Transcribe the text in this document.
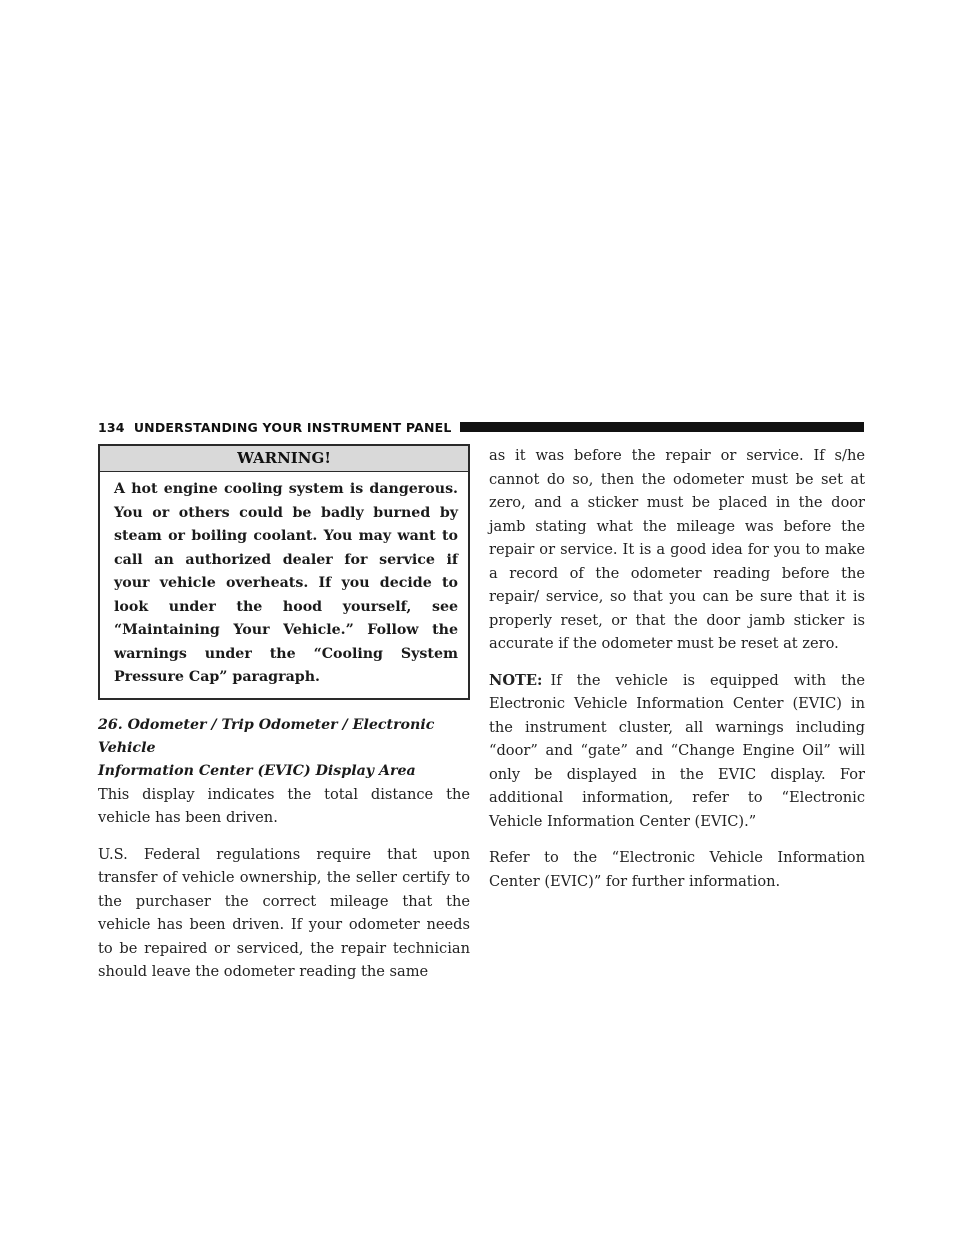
134 UNDERSTANDING YOUR INSTRUMENT PANEL
WARNING!
A hot engine cooling system is dangerous. You or others could be badly burned by steam or boiling coolant. You may want to call an authorized dealer for service if your vehicle overheats. If you decide to look under the hood yourself, see “Maintaining Your Vehicle.” Follow the warnings under the “Cooling System Pressure Cap” paragraph.
26. Odometer / Trip Odometer / Electronic Vehicle
Information Center (EVIC) Display Area

This display indicates the total distance the vehicle has been driven.

U.S. Federal regulations require that upon transfer of vehicle ownership, the seller certify to the purchaser the correct mileage that the vehicle has been driven. If your odometer needs to be repaired or serviced, the repair technician should leave the odometer reading the same

as it was before the repair or service. If s/he cannot do so, then the odometer must be set at zero, and a sticker must be placed in the door jamb stating what the mileage was before the repair or service. It is a good idea for you to make a record of the odometer reading before the repair/ service, so that you can be sure that it is properly reset, or that the door jamb sticker is accurate if the odometer must be reset at zero.

NOTE: If the vehicle is equipped with the Electronic Vehicle Information Center (EVIC) in the instrument cluster, all warnings including “door” and “gate” and “Change Engine Oil” will only be displayed in the EVIC display. For additional information, refer to “Electronic Vehicle Information Center (EVIC).”

Refer to the “Electronic Vehicle Information Center (EVIC)” for further information.
